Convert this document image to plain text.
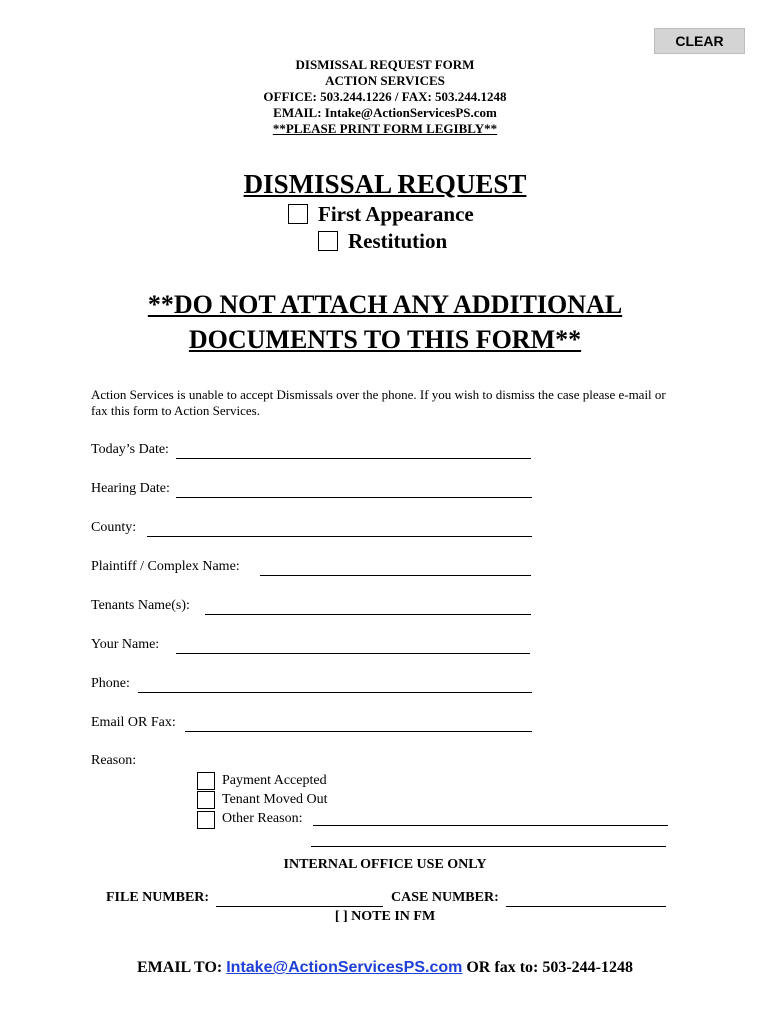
CLEAR
DISMISSAL REQUEST FORM
ACTION SERVICES
OFFICE: 503.244.1226 / FAX: 503.244.1248
EMAIL: Intake@ActionServicesPS.com
**PLEASE PRINT FORM LEGIBLY**
DISMISSAL REQUEST
First Appearance
Restitution
**DO NOT ATTACH ANY ADDITIONAL
DOCUMENTS TO THIS FORM**
Action Services is unable to accept Dismissals over the phone. If you wish to dismiss the case please e-mail or fax this form to Action Services.
Today’s Date:
Hearing Date:
County:
Plaintiff / Complex Name:
Tenants Name(s):
Your Name:
Phone:
Email OR Fax:
Reason:
Payment Accepted
Tenant Moved Out
Other Reason:
INTERNAL OFFICE USE ONLY
FILE NUMBER:	CASE NUMBER:
[ ] NOTE IN FM
EMAIL TO: Intake@ActionServicesPS.com OR fax to: 503-244-1248
